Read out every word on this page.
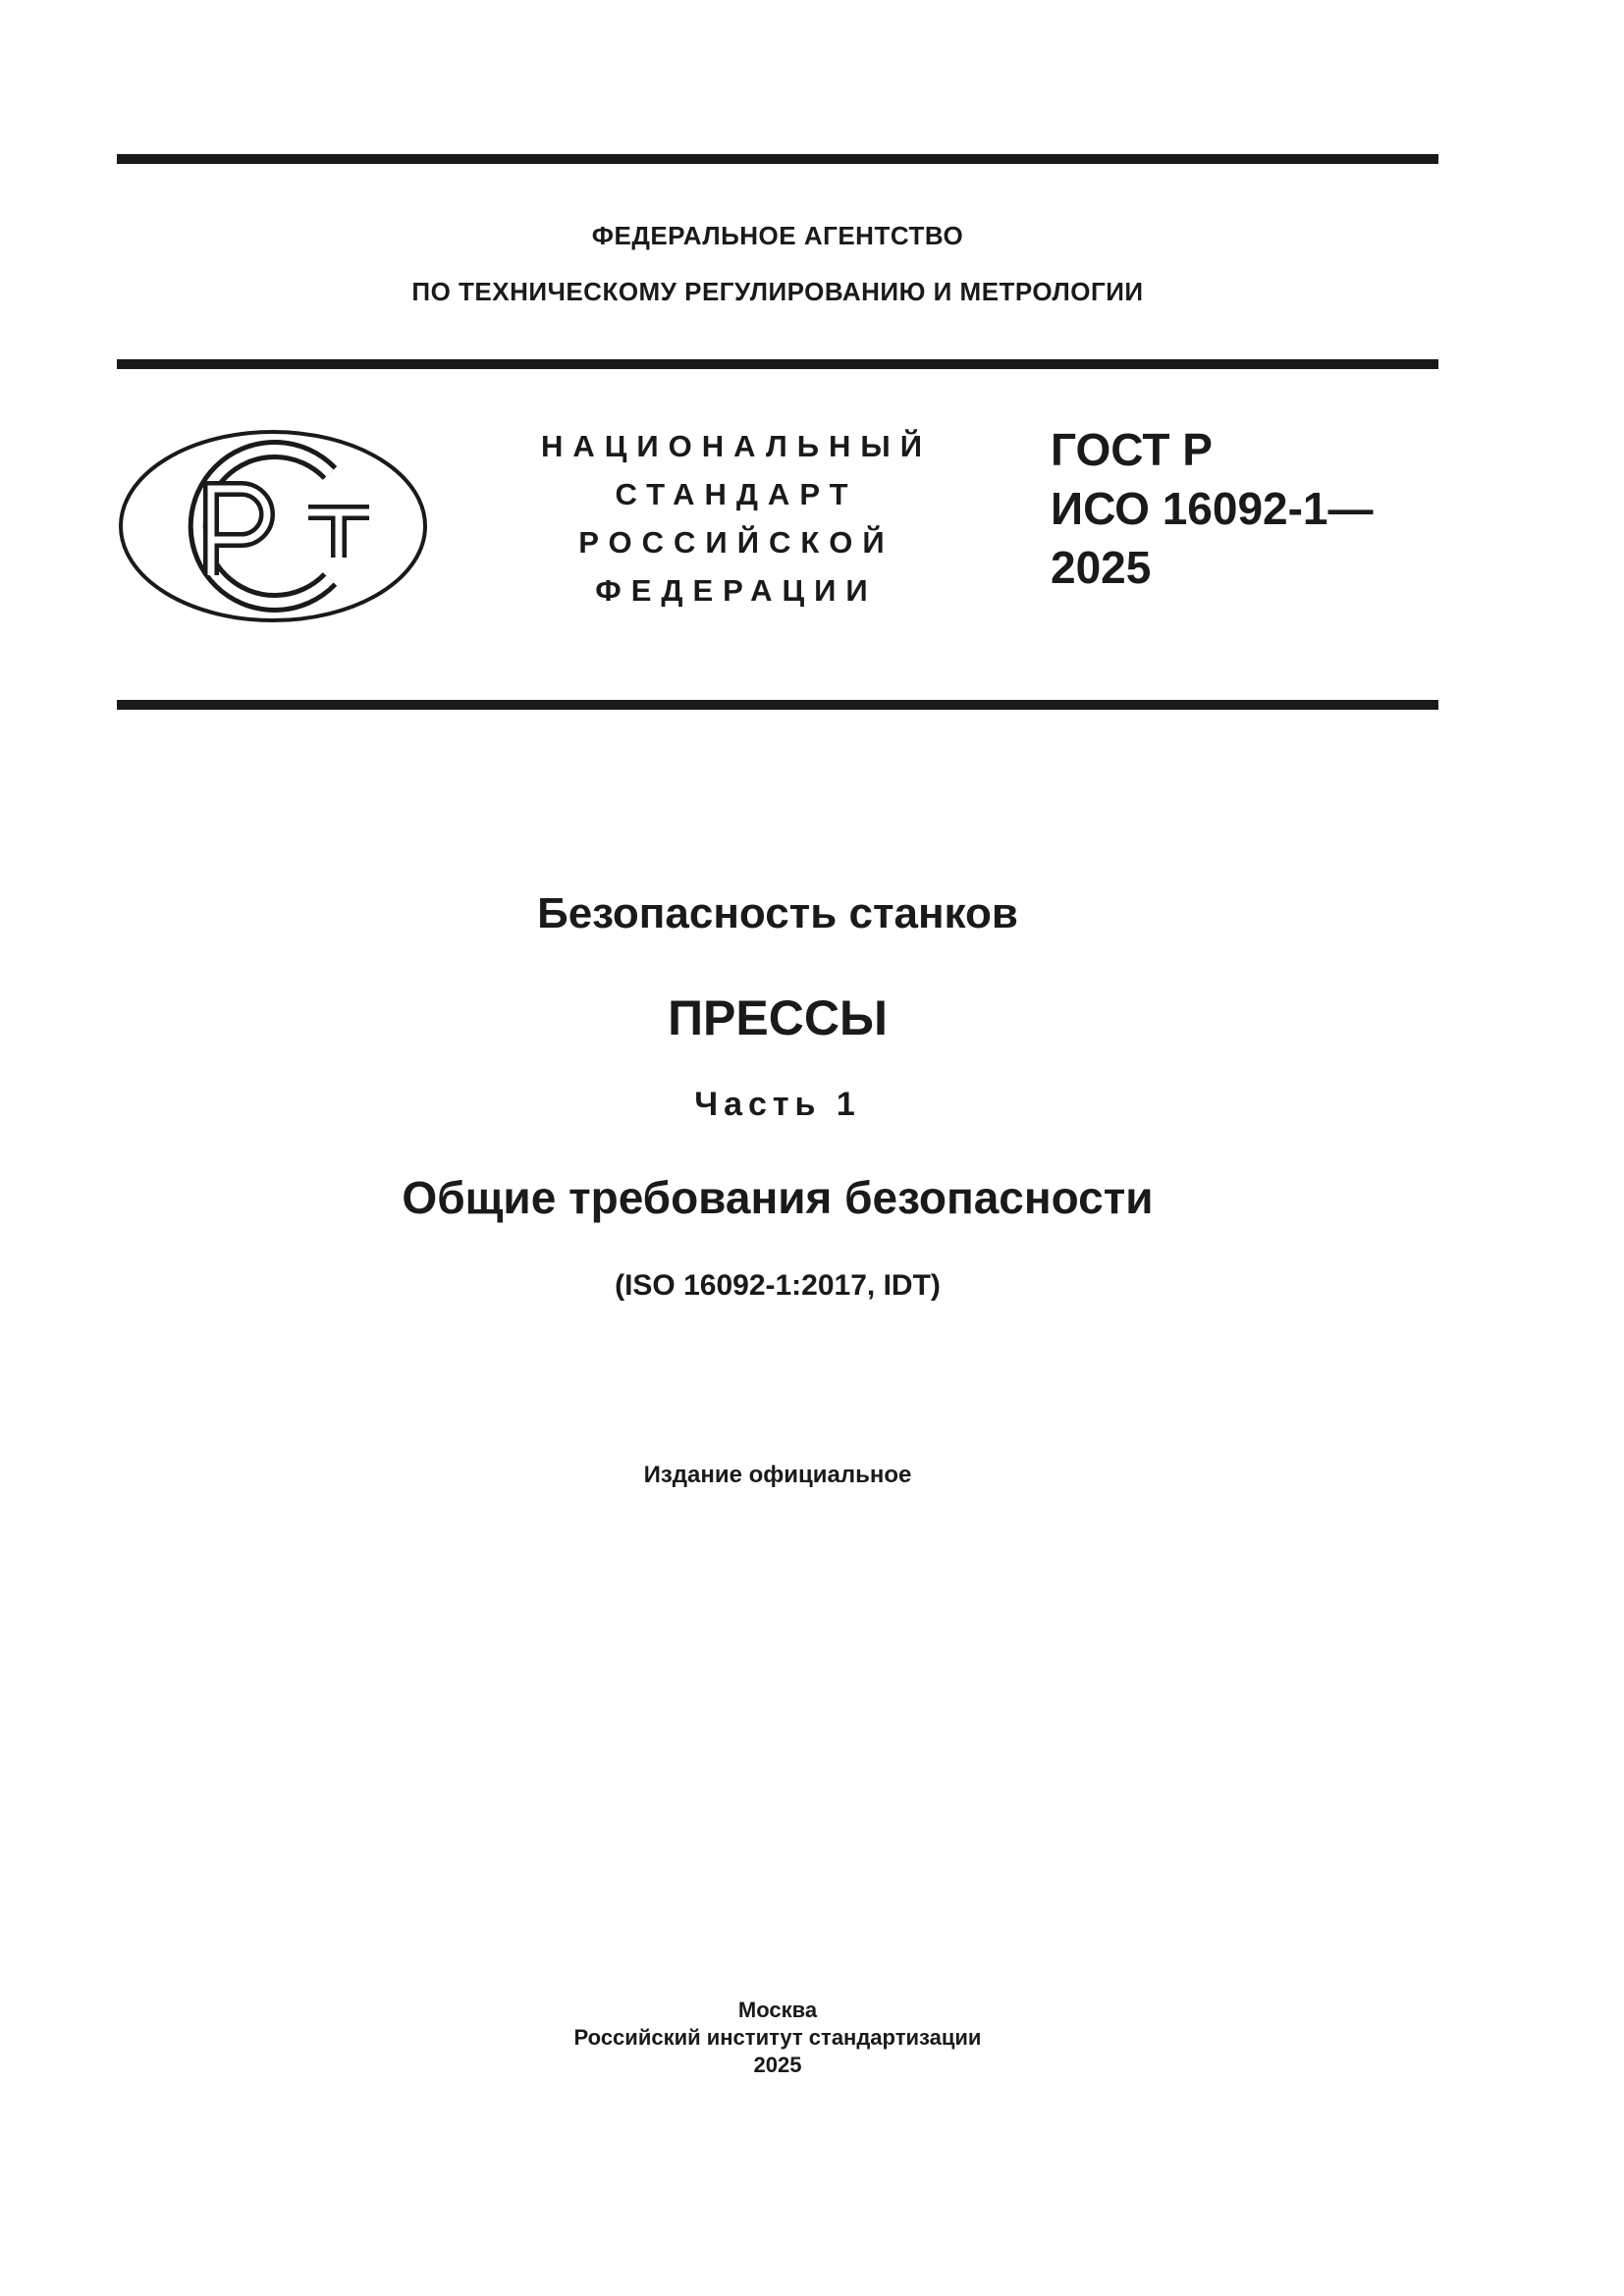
ФЕДЕРАЛЬНОЕ АГЕНТСТВО
ПО ТЕХНИЧЕСКОМУ РЕГУЛИРОВАНИЮ И МЕТРОЛОГИИ
НАЦИОНАЛЬНЫЙ
СТАНДАРТ
РОССИЙСКОЙ
ФЕДЕРАЦИИ
ГОСТ Р
ИСО 16092-1—
2025
Безопасность станков
ПРЕССЫ
Часть 1
Общие требования безопасности
(ISO 16092-1:2017, IDT)
Издание официальное
Москва
Российский институт стандартизации
2025
